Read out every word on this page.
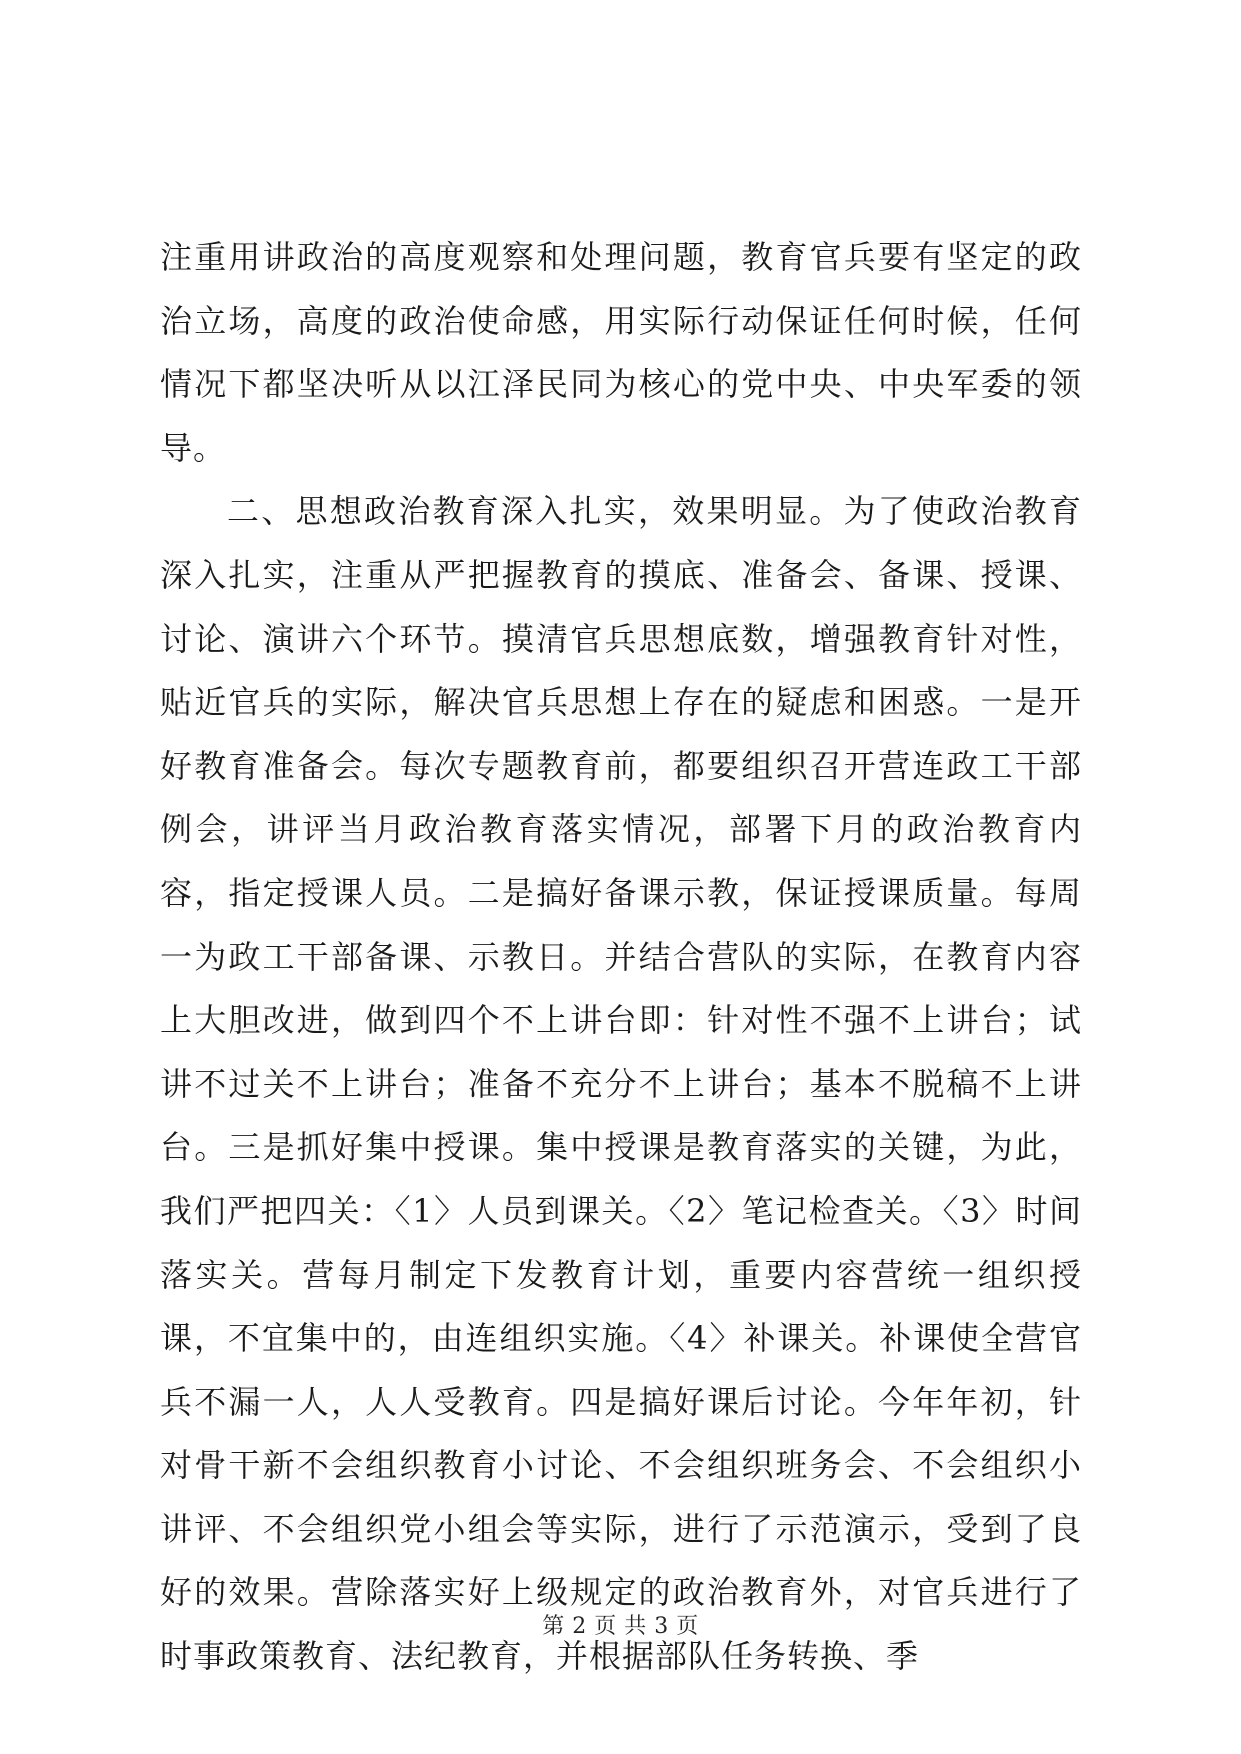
注重用讲政治的高度观察和处理问题，教育官兵要有坚定的政治立场，高度的政治使命感，用实际行动保证任何时候，任何情况下都坚决听从以江泽民同为核心的党中央、中央军委的领导。

二、思想政治教育深入扎实，效果明显。为了使政治教育深入扎实，注重从严把握教育的摸底、准备会、备课、授课、讨论、演讲六个环节。摸清官兵思想底数，增强教育针对性，贴近官兵的实际，解决官兵思想上存在的疑虑和困惑。一是开好教育准备会。每次专题教育前，都要组织召开营连政工干部例会，讲评当月政治教育落实情况，部署下月的政治教育内容，指定授课人员。二是搞好备课示教，保证授课质量。每周一为政工干部备课、示教日。并结合营队的实际，在教育内容上大胆改进，做到四个不上讲台即：针对性不强不上讲台；试讲不过关不上讲台；准备不充分不上讲台；基本不脱稿不上讲台。三是抓好集中授课。集中授课是教育落实的关键，为此，我们严把四关：〈1〉人员到课关。〈2〉笔记检查关。〈3〉时间落实关。营每月制定下发教育计划，重要内容营统一组织授课，不宜集中的，由连组织实施。〈4〉补课关。补课使全营官兵不漏一人，人人受教育。四是搞好课后讨论。今年年初，针对骨干新不会组织教育小讨论、不会组织班务会、不会组织小讲评、不会组织党小组会等实际，进行了示范演示，受到了良好的效果。营除落实好上级规定的政治教育外，对官兵进行了时事政策教育、法纪教育，并根据部队任务转换、季

第 2 页 共 3 页
